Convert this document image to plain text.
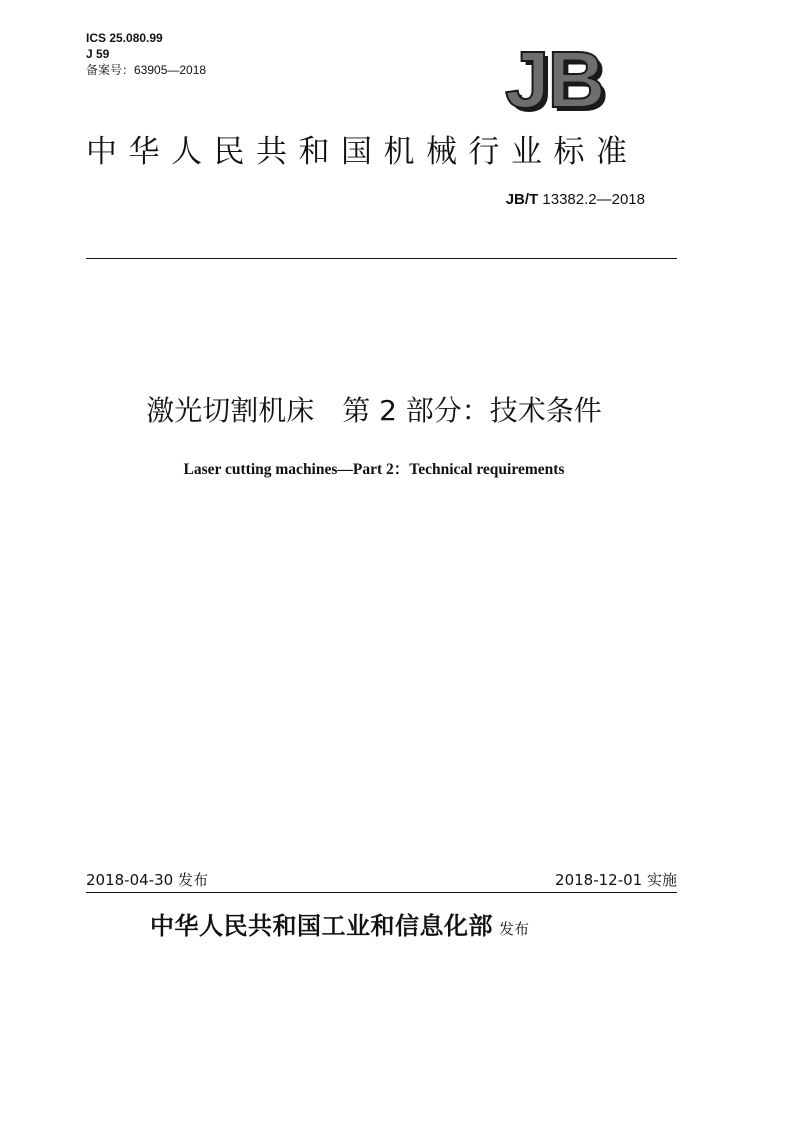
ICS 25.080.99
J 59
备案号：63905—2018	JB
中华人民共和国机械行业标准
JB/T 13382.2—2018
激光切割机床　第 2 部分：技术条件
Laser cutting machines—Part 2：Technical requirements
2018-04-30 发布	2018-12-01 实施
中华人民共和国工业和信息化部 发布
